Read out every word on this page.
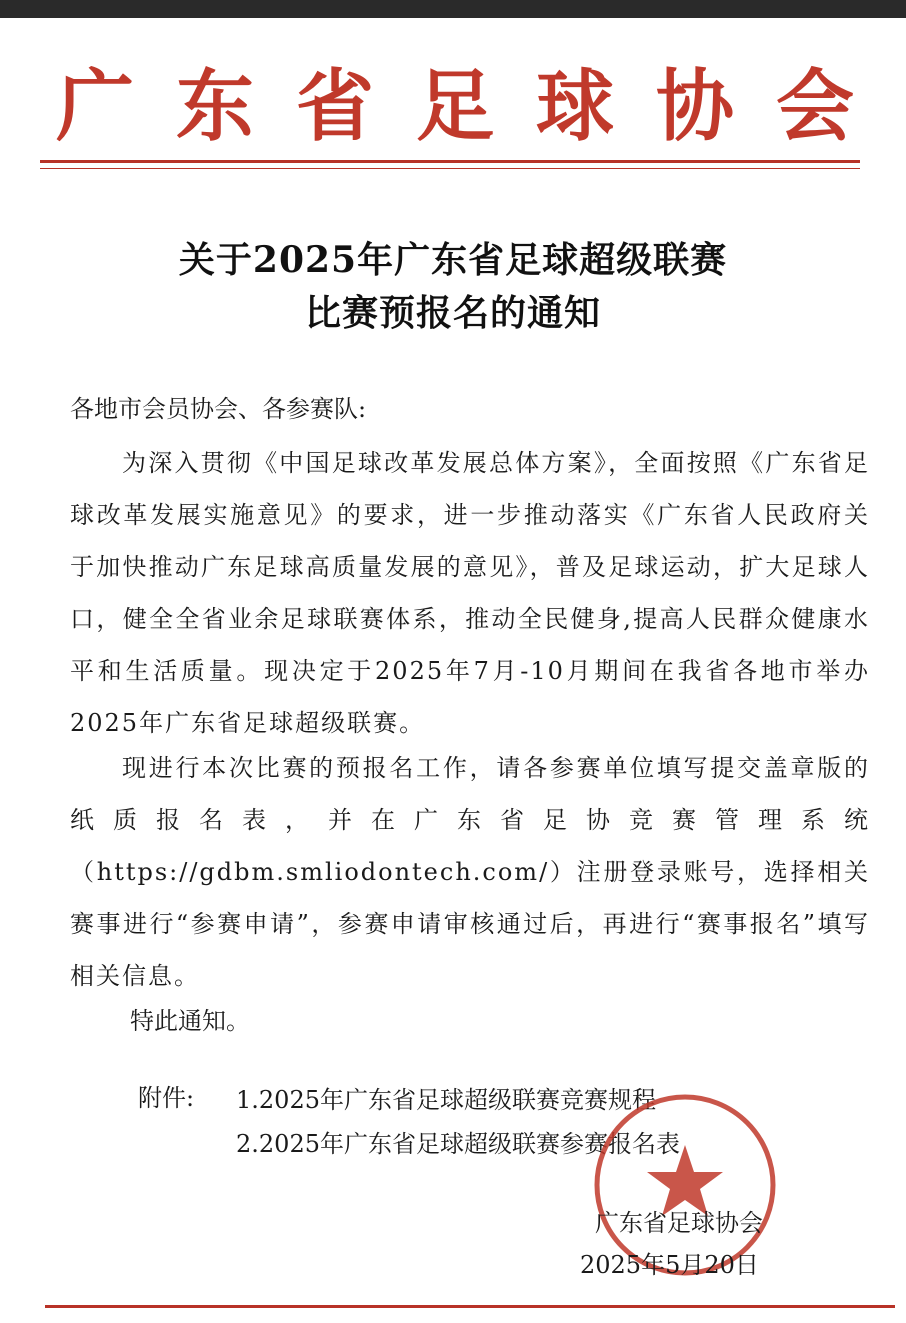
广 东 省 足 球 协 会
关于2025年广东省足球超级联赛
比赛预报名的通知
各地市会员协会、各参赛队:
为深入贯彻《中国足球改革发展总体方案》，全面按照《广东省足球改革发展实施意见》的要求，进一步推动落实《广东省人民政府关于加快推动广东足球高质量发展的意见》，普及足球运动，扩大足球人口，健全全省业余足球联赛体系，推动全民健身,提高人民群众健康水平和生活质量。现决定于2025年7月-10月期间在我省各地市举办2025年广东省足球超级联赛。
现进行本次比赛的预报名工作，请各参赛单位填写提交盖章版的纸质报名表，并在广东省足协竞赛管理系统（https://gdbm.smliodontech.com/）注册登录账号，选择相关赛事进行“参赛申请”，参赛申请审核通过后，再进行“赛事报名”填写相关信息。
特此通知。
附件: 1.2025年广东省足球超级联赛竞赛规程
2.2025年广东省足球超级联赛参赛报名表
广东省足球协会
2025年5月20日
